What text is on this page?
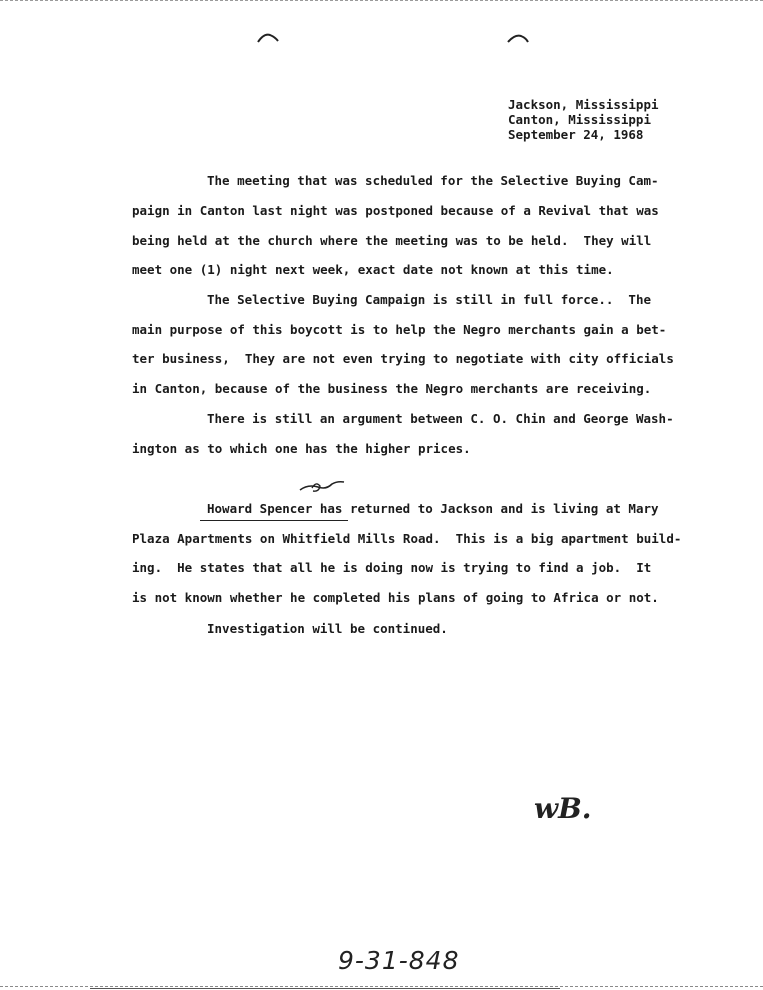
Jackson, Mississippi
Canton, Mississippi
September 24, 1968
The meeting that was scheduled for the Selective Buying Cam-
paign in Canton last night was postponed because of a Revival that was
being held at the church where the meeting was to be held.  They will
meet one (1) night next week, exact date not known at this time.
The Selective Buying Campaign is still in full force..  The
main purpose of this boycott is to help the Negro merchants gain a bet-
ter business,  They are not even trying to negotiate with city officials
in Canton, because of the business the Negro merchants are receiving.
There is still an argument between C. O. Chin and George Wash-
ington as to which one has the higher prices.
Howard Spencer has returned to Jackson and is living at Mary
Plaza Apartments on Whitfield Mills Road.  This is a big apartment build-
ing.  He states that all he is doing now is trying to find a job.  It
is not known whether he completed his plans of going to Africa or not.
Investigation will be continued.
wB.
9-31-848
